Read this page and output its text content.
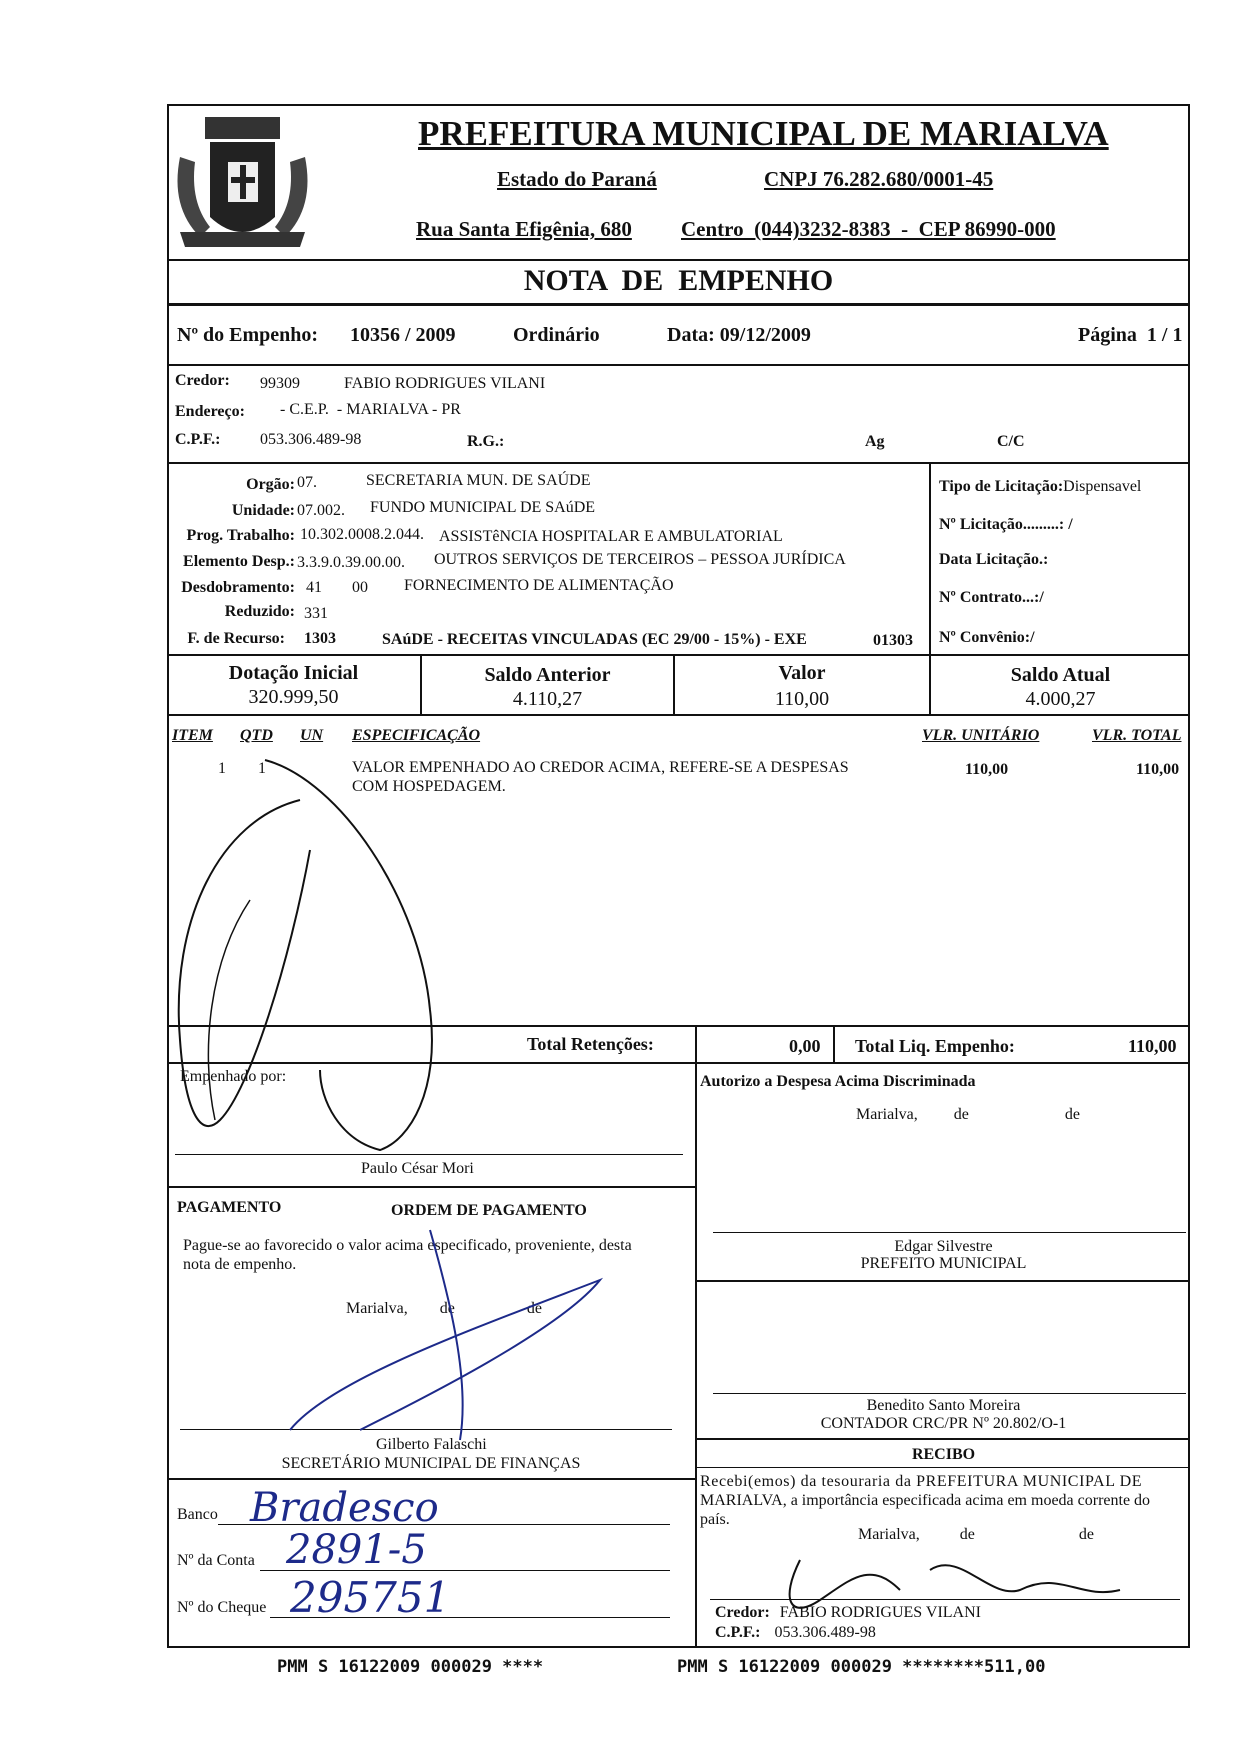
PREFEITURA MUNICIPAL DE MARIALVA
Estado do Paraná	CNPJ 76.282.680/0001-45
Rua Santa Efigênia, 680 Centro  (044)3232-8383  -  CEP 86990-000
NOTA  DE  EMPENHO
Nº do Empenho: 10356 / 2009	Ordinário	Data: 09/12/2009	Página  1 / 1
Credor: 99309	FABIO RODRIGUES VILANI
Endereço: - C.E.P.  - MARIALVA - PR
C.P.F.: 053.306.489-98	R.G.:	Ag	C/C
Orgão: 07.	SECRETARIA MUN. DE SAÚDE
Unidade: 07.002. FUNDO MUNICIPAL DE SAúDE
Prog. Trabalho: 10.302.0008.2.044. ASSISTêNCIA HOSPITALAR E AMBULATORIAL
Elemento Desp.: 3.3.9.0.39.00.00. OUTROS SERVIÇOS DE TERCEIROS – PESSOA JURÍDICA
Desdobramento: 41 00 FORNECIMENTO DE ALIMENTAÇÃO
Reduzido: 331
F. de Recurso: 1303	SAúDE - RECEITAS VINCULADAS (EC 29/00 - 15%) - EXE	01303
Tipo de Licitação:Dispensavel
Nº Licitação.........: /
Data Licitação.:
Nº Contrato...:/
Nº Convênio:/
Dotação Inicial
320.999,50
Saldo Anterior
4.110,27
Valor
110,00
Saldo Atual
4.000,27
ITEM QTD UN ESPECIFICAÇÃO	VLR. UNITÁRIO	VLR. TOTAL
1 1	VALOR EMPENHADO AO CREDOR ACIMA, REFERE-SE A DESPESAS
COM HOSPEDAGEM.
110,00	110,00
Total Retenções:	0,00 Total Liq. Empenho:	110,00
Empenhado por:
Paulo César Mori
Autorizo a Despesa Acima Discriminada
Marialva,         de                        de
Edgar Silvestre
PREFEITO MUNICIPAL
Benedito Santo Moreira
CONTADOR CRC/PR Nº 20.802/O-1
PAGAMENTO	ORDEM DE PAGAMENTO
Pague-se ao favorecido o valor acima especificado, proveniente, desta
nota de empenho.
Marialva,        de                  de
Gilberto Falaschi
SECRETÁRIO MUNICIPAL DE FINANÇAS
Banco Bradesco
Nº da Conta 2891-5
Nº do Cheque 295751
RECIBO
Recebi(emos) da tesouraria da PREFEITURA MUNICIPAL DE
MARIALVA, a importância especificada acima em moeda corrente do
país.
Marialva,          de                          de
Credor: FABIO RODRIGUES VILANI
C.P.F.: 053.306.489-98
PMM S 16122009 000029 ****	PMM S 16122009 000029 ********511,00
